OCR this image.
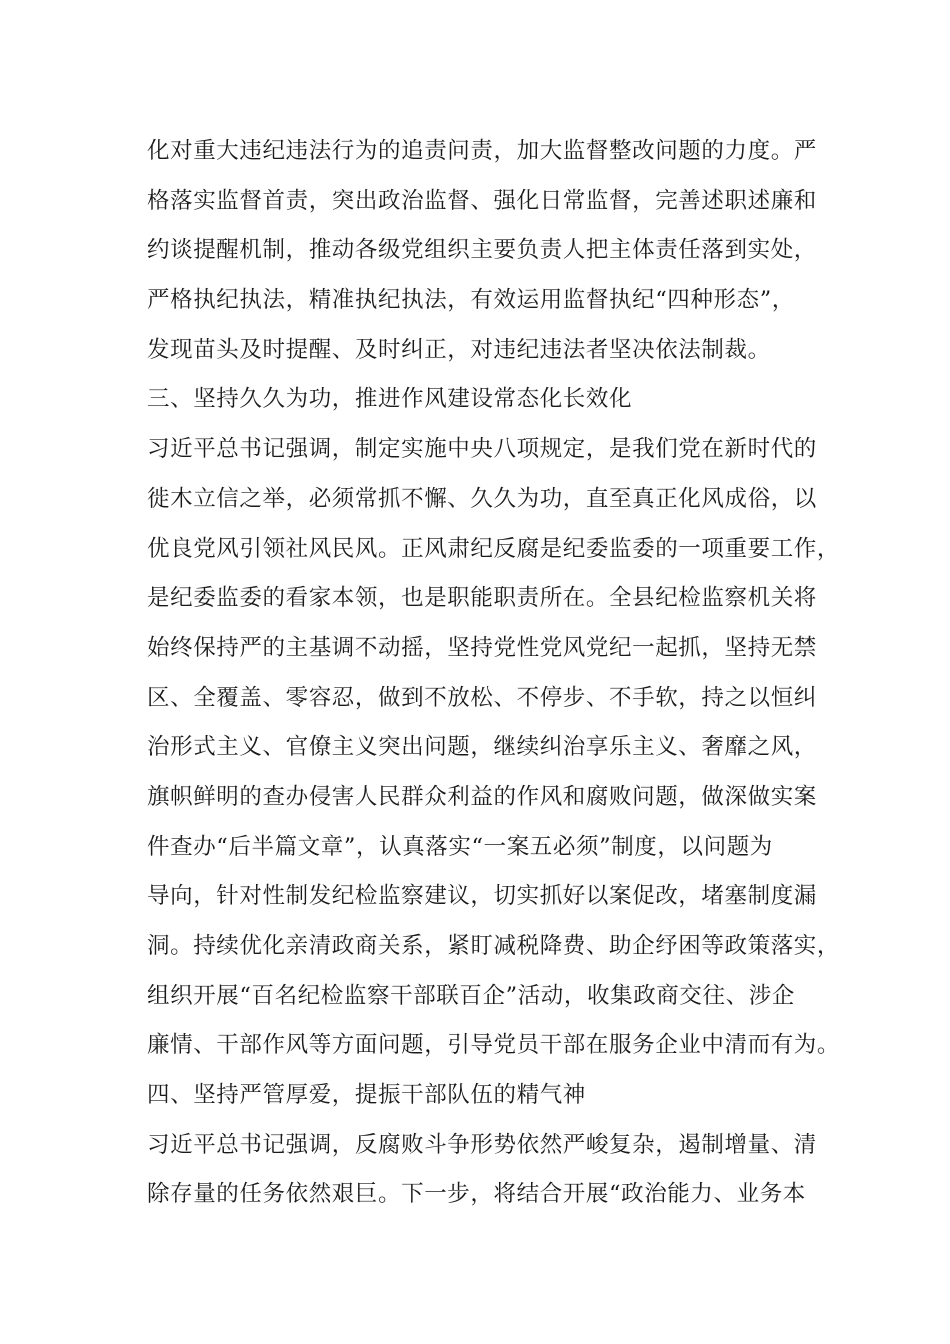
化对重大违纪违法行为的追责问责，加大监督整改问题的力度。严
格落实监督首责，突出政治监督、强化日常监督，完善述职述廉和
约谈提醒机制，推动各级党组织主要负责人把主体责任落到实处，
严格执纪执法，精准执纪执法，有效运用监督执纪“四种形态”，
发现苗头及时提醒、及时纠正，对违纪违法者坚决依法制裁。
三、坚持久久为功，推进作风建设常态化长效化
习近平总书记强调，制定实施中央八项规定，是我们党在新时代的
徙木立信之举，必须常抓不懈、久久为功，直至真正化风成俗，以
优良党风引领社风民风。正风肃纪反腐是纪委监委的一项重要工作，
是纪委监委的看家本领，也是职能职责所在。全县纪检监察机关将
始终保持严的主基调不动摇，坚持党性党风党纪一起抓，坚持无禁
区、全覆盖、零容忍，做到不放松、不停步、不手软，持之以恒纠
治形式主义、官僚主义突出问题，继续纠治享乐主义、奢靡之风，
旗帜鲜明的查办侵害人民群众利益的作风和腐败问题，做深做实案
件查办“后半篇文章”，认真落实“一案五必须”制度，以问题为
导向，针对性制发纪检监察建议，切实抓好以案促改，堵塞制度漏
洞。持续优化亲清政商关系，紧盯减税降费、助企纾困等政策落实，
组织开展“百名纪检监察干部联百企”活动，收集政商交往、涉企
廉情、干部作风等方面问题，引导党员干部在服务企业中清而有为。
四、坚持严管厚爱，提振干部队伍的精气神
习近平总书记强调，反腐败斗争形势依然严峻复杂，遏制增量、清
除存量的任务依然艰巨。下一步，将结合开展“政治能力、业务本
